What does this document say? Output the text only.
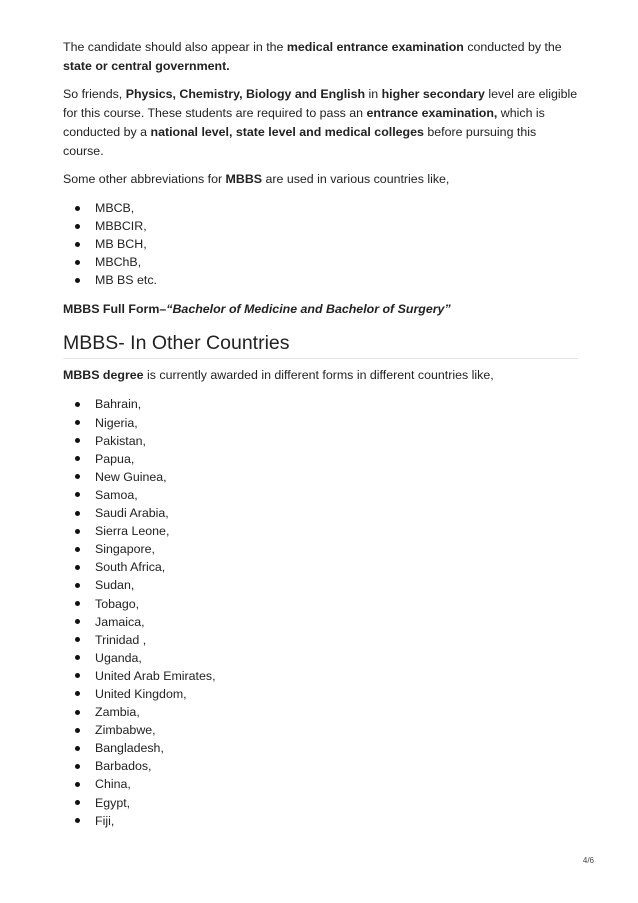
The candidate should also appear in the medical entrance examination conducted by the state or central government.

So friends, Physics, Chemistry, Biology and English in higher secondary level are eligible for this course. These students are required to pass an entrance examination, which is conducted by a national level, state level and medical colleges before pursuing this course.

Some other abbreviations for MBBS are used in various countries like,

MBCB,
MBBCIR,
MB BCH,
MBChB,
MB BS etc.

MBBS Full Form–“Bachelor of Medicine and Bachelor of Surgery”

MBBS- In Other Countries

MBBS degree is currently awarded in different forms in different countries like,

Bahrain,
Nigeria,
Pakistan,
Papua,
New Guinea,
Samoa,
Saudi Arabia,
Sierra Leone,
Singapore,
South Africa,
Sudan,
Tobago,
Jamaica,
Trinidad ,
Uganda,
United Arab Emirates,
United Kingdom,
Zambia,
Zimbabwe,
Bangladesh,
Barbados,
China,
Egypt,
Fiji,
4/6
